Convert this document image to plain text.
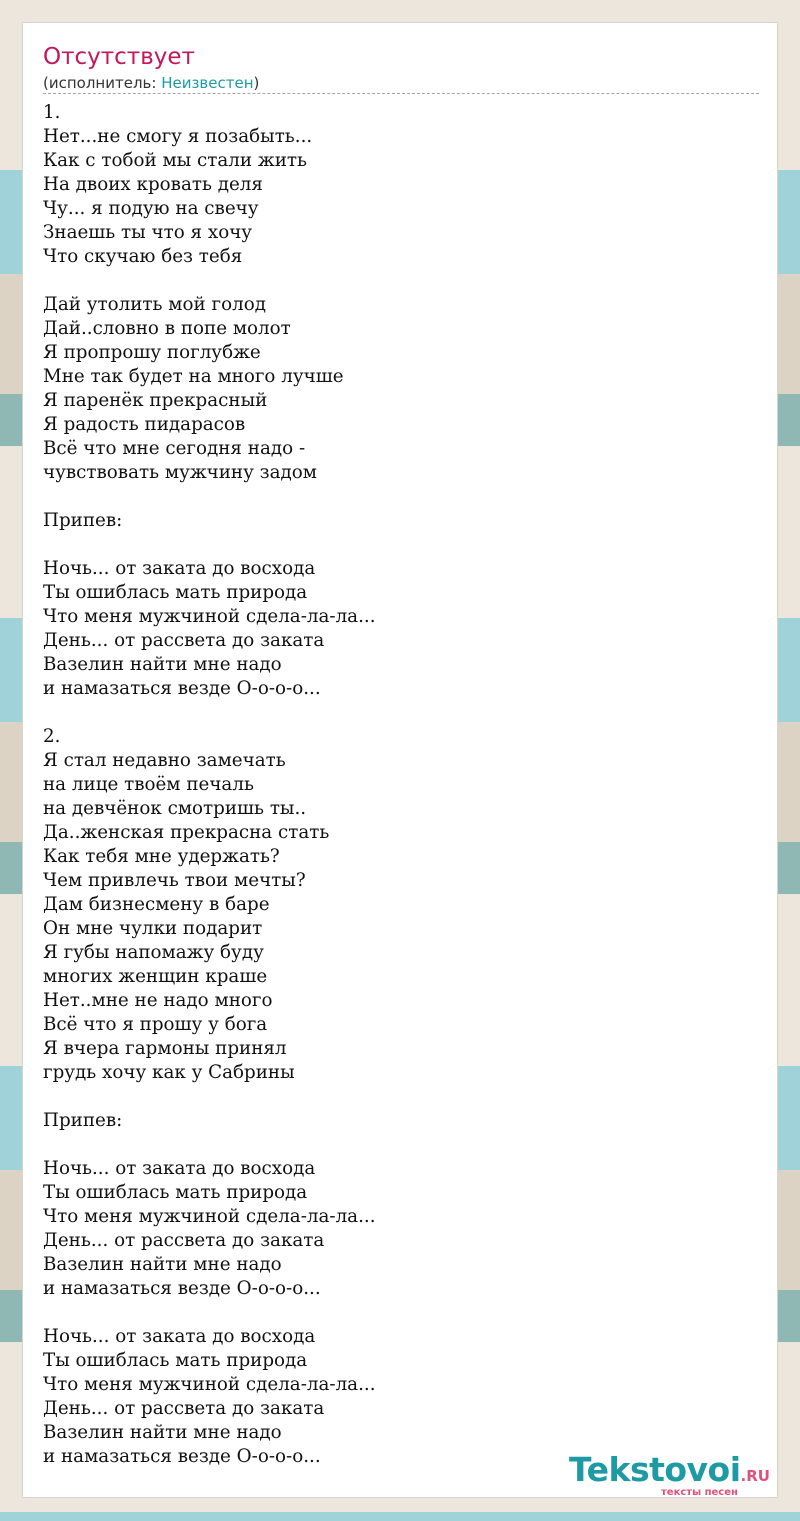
Отсутствует
(исполнитель: Неизвестен)
1.
Нет...не смогу я позабыть...
Как с тобой мы стали жить
На двоих кровать деля
Чу... я подую на свечу
Знаешь ты что я хочу
Что скучаю без тебя
Дай утолить мой голод
Дай..словно в попе молот
Я пропрошу поглубже
Мне так будет на много лучше
Я паренёк прекрасный
Я радость пидарасов
Всё что мне сегодня надо -
чувствовать мужчину задом
Припев:
Ночь... от заката до восхода
Ты ошиблась мать природа
Что меня мужчиной сдела-ла-ла...
День... от рассвета до заката
Вазелин найти мне надо
и намазаться везде О-о-о-о...
2.
Я стал недавно замечать
на лице твоём печаль
на девчёнок смотришь ты..
Да..женская прекрасна стать
Как тебя мне удержать?
Чем привлечь твои мечты?
Дам бизнесмену в баре
Он мне чулки подарит
Я губы напомажу буду
многих женщин краше
Нет..мне не надо много
Всё что я прошу у бога
Я вчера гармоны принял
грудь хочу как у Сабрины
Припев:
Ночь... от заката до восхода
Ты ошиблась мать природа
Что меня мужчиной сдела-ла-ла...
День... от рассвета до заката
Вазелин найти мне надо
и намазаться везде О-о-о-о...
Ночь... от заката до восхода
Ты ошиблась мать природа
Что меня мужчиной сдела-ла-ла...
День... от рассвета до заката
Вазелин найти мне надо
и намазаться везде О-о-о-о...	Tekstovoi.RU
тексты песен
